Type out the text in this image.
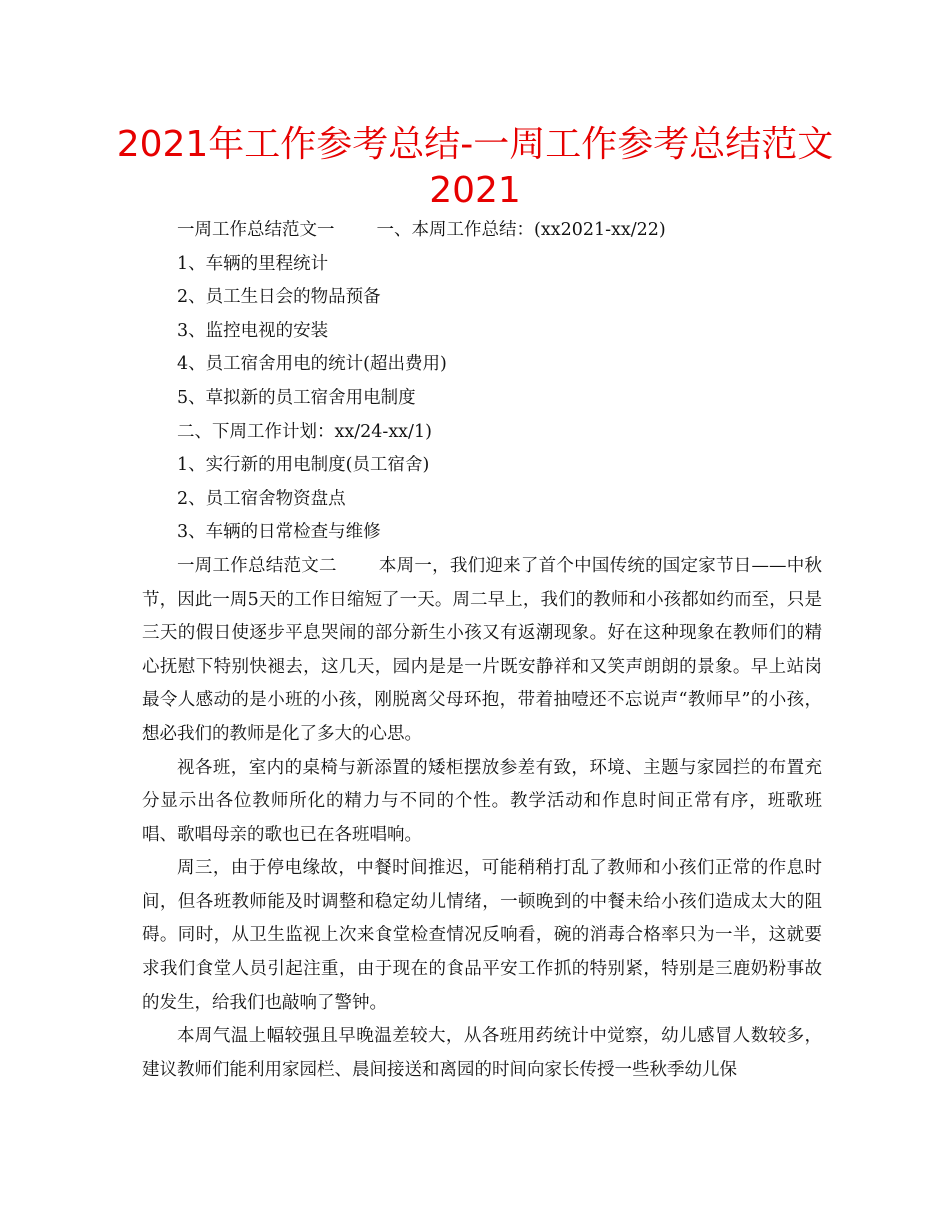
2021年工作参考总结-一周工作参考总结范文2021

一周工作总结范文一 一、本周工作总结：(xx2021-xx/22)

1、车辆的里程统计

2、员工生日会的物品预备

3、监控电视的安装

4、员工宿舍用电的统计(超出费用)

5、草拟新的员工宿舍用电制度

二、下周工作计划：xx/24-xx/1)

1、实行新的用电制度(员工宿舍)

2、员工宿舍物资盘点

3、车辆的日常检查与维修

一周工作总结范文二 本周一，我们迎来了首个中国传统的国定家节日——中秋节，因此一周5天的工作日缩短了一天。周二早上，我们的教师和小孩都如约而至，只是三天的假日使逐步平息哭闹的部分新生小孩又有返潮现象。好在这种现象在教师们的精心抚慰下特别快褪去，这几天，园内是是一片既安静祥和又笑声朗朗的景象。早上站岗最令人感动的是小班的小孩，刚脱离父母环抱，带着抽噎还不忘说声“教师早”的小孩，想必我们的教师是化了多大的心思。

视各班，室内的桌椅与新添置的矮柜摆放参差有致，环境、主题与家园拦的布置充分显示出各位教师所化的精力与不同的个性。教学活动和作息时间正常有序，班歌班唱、歌唱母亲的歌也已在各班唱响。

周三，由于停电缘故，中餐时间推迟，可能稍稍打乱了教师和小孩们正常的作息时间，但各班教师能及时调整和稳定幼儿情绪，一顿晚到的中餐未给小孩们造成太大的阻碍。同时，从卫生监视上次来食堂检查情况反响看，碗的消毒合格率只为一半，这就要求我们食堂人员引起注重，由于现在的食品平安工作抓的特别紧，特别是三鹿奶粉事故的发生，给我们也敲响了警钟。

本周气温上幅较强且早晚温差较大，从各班用药统计中觉察，幼儿感冒人数较多，建议教师们能利用家园栏、晨间接送和离园的时间向家长传授一些秋季幼儿保
